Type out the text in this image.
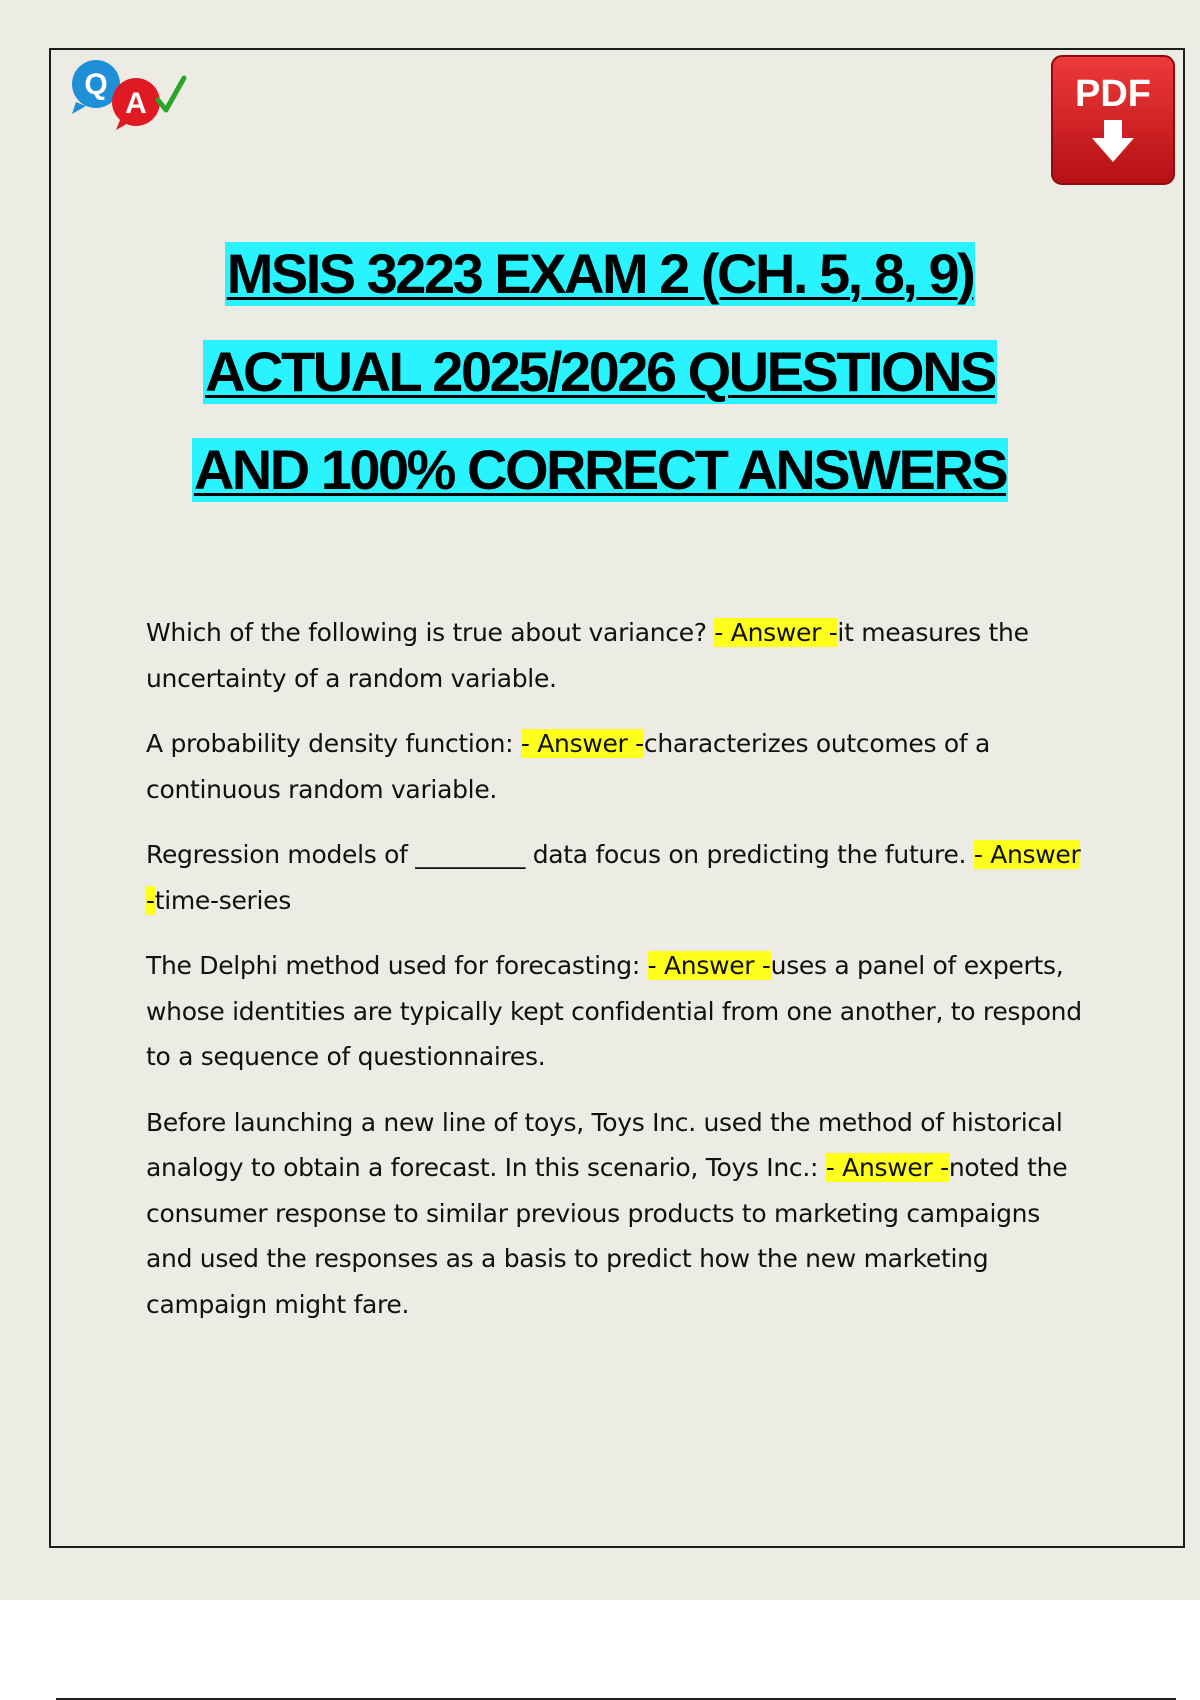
Q
A	PDF
MSIS 3223 EXAM 2 (CH. 5, 8, 9)
ACTUAL 2025/2026 QUESTIONS
AND 100% CORRECT ANSWERS

Which of the following is true about variance? - Answer -it measures the uncertainty of a random variable.

A probability density function: - Answer -characterizes outcomes of a continuous random variable.

Regression models of _________ data focus on predicting the future. - Answer -time-series

The Delphi method used for forecasting: - Answer -uses a panel of experts, whose identities are typically kept confidential from one another, to respond to a sequence of questionnaires.

Before launching a new line of toys, Toys Inc. used the method of historical analogy to obtain a forecast. In this scenario, Toys Inc.: - Answer -noted the consumer response to similar previous products to marketing campaigns and used the responses as a basis to predict how the new marketing campaign might fare.
